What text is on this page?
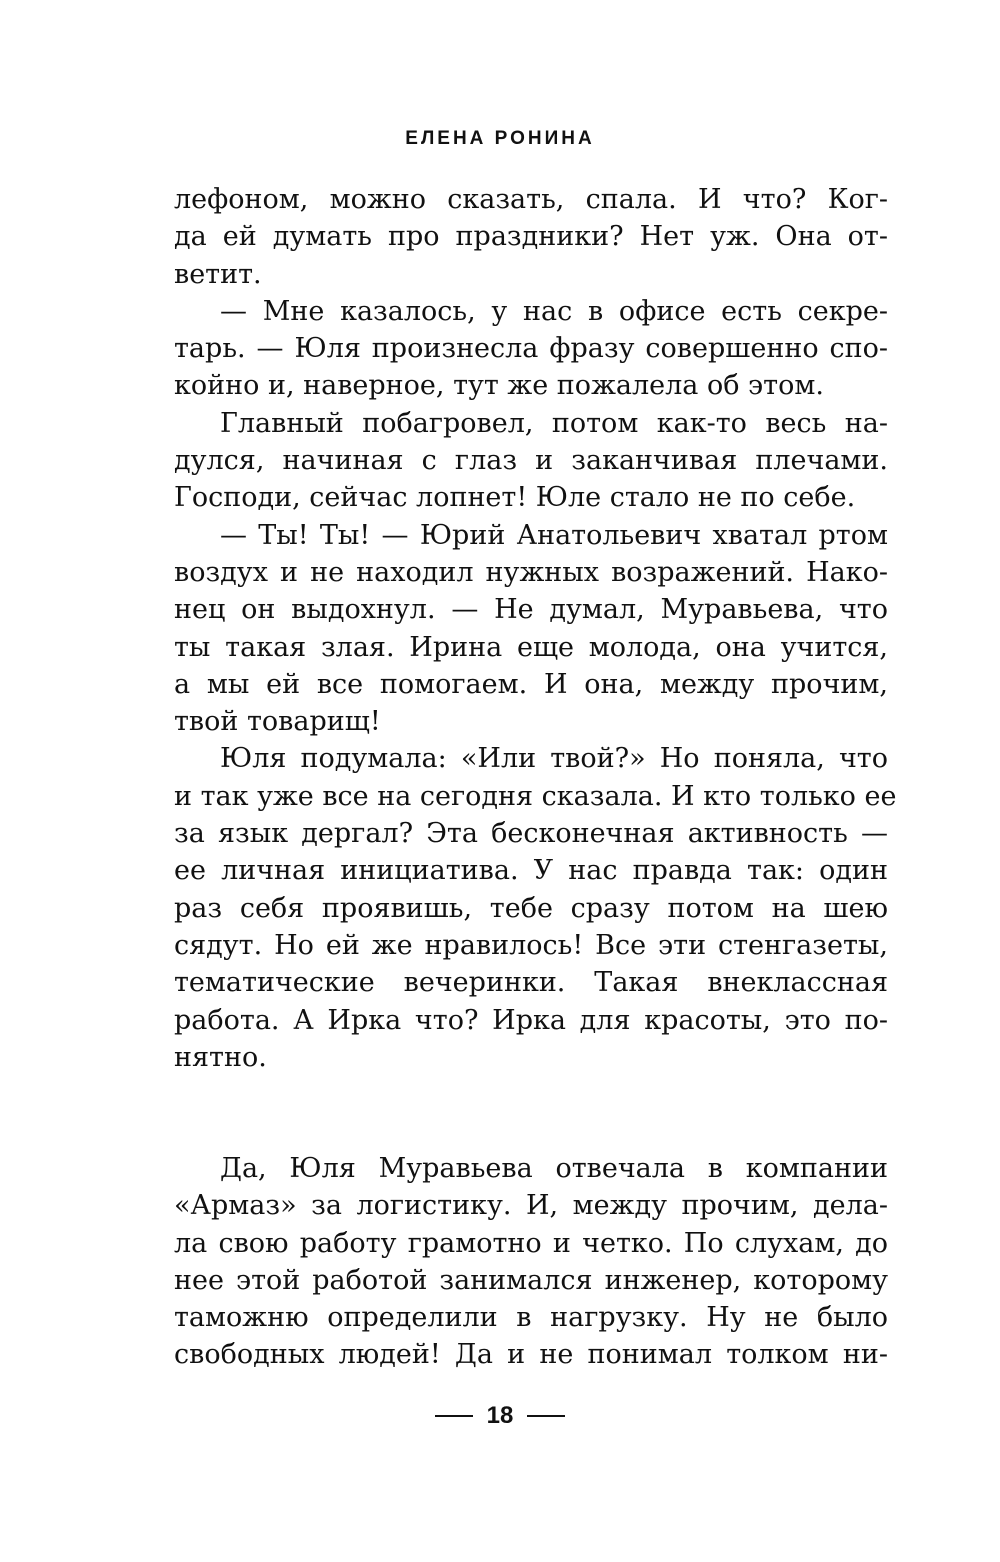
ЕЛЕНА РОНИНА
лефоном, можно сказать, спала. И что? Ког-
да ей думать про праздники? Нет уж. Она от-
ветит.
— Мне казалось, у нас в офисе есть секре-
тарь. — Юля произнесла фразу совершенно спо-
койно и, наверное, тут же пожалела об этом.
Главный побагровел, потом как-то весь на-
дулся, начиная с глаз и заканчивая плечами.
Господи, сейчас лопнет! Юле стало не по себе.
— Ты! Ты! — Юрий Анатольевич хватал ртом
воздух и не находил нужных возражений. Нако-
нец он выдохнул. — Не думал, Муравьева, что
ты такая злая. Ирина еще молода, она учится,
а мы ей все помогаем. И она, между прочим,
твой товарищ!
Юля подумала: «Или твой?» Но поняла, что
и так уже все на сегодня сказала. И кто только ее
за язык дергал? Эта бесконечная активность —
ее личная инициатива. У нас правда так: один
раз себя проявишь, тебе сразу потом на шею
сядут. Но ей же нравилось! Все эти стенгазеты,
тематические вечеринки. Такая внеклассная
работа. А Ирка что? Ирка для красоты, это по-
нятно.
Да, Юля Муравьева отвечала в компании
«Армаз» за логистику. И, между прочим, дела-
ла свою работу грамотно и четко. По слухам, до
нее этой работой занимался инженер, которому
таможню определили в нагрузку. Ну не было
свободных людей! Да и не понимал толком ни-
18
